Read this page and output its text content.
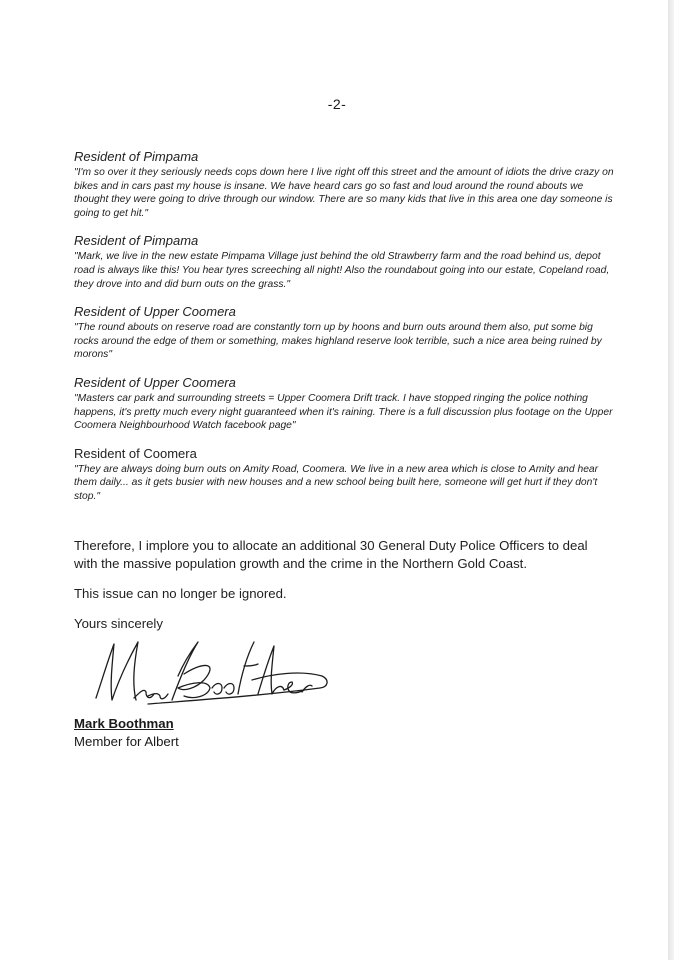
-2-
Resident of Pimpama
"I'm so over it they seriously needs cops down here I live right off this street and the amount of idiots the drive crazy on bikes and in cars past my house is insane. We have heard cars go so fast and loud around the round abouts we thought they were going to drive through our window. There are so many kids that live in this area one day someone is going to get hit."
Resident of Pimpama
"Mark, we live in the new estate Pimpama Village just behind the old Strawberry farm and the road behind us, depot road is always like this! You hear tyres screeching all night! Also the roundabout going into our estate, Copeland road, they drove into and did burn outs on the grass."
Resident of Upper Coomera
"The round abouts on reserve road are constantly torn up by hoons and burn outs around them also, put some big rocks around the edge of them or something, makes highland reserve look terrible, such a nice area being ruined by morons"
Resident of Upper Coomera
"Masters car park and surrounding streets = Upper Coomera Drift track. I have stopped ringing the police nothing happens, it's pretty much every night guaranteed when it's raining. There is a full discussion plus footage on the Upper Coomera Neighbourhood Watch facebook page"
Resident of Coomera
"They are always doing burn outs on Amity Road, Coomera. We live in a new area which is close to Amity and hear them daily... as it gets busier with new houses and a new school being built here, someone will get hurt if they don't stop."

Therefore, I implore you to allocate an additional 30 General Duty Police Officers to deal with the massive population growth and the crime in the Northern Gold Coast.

This issue can no longer be ignored.

Yours sincerely

Mark Boothman
Member for Albert
